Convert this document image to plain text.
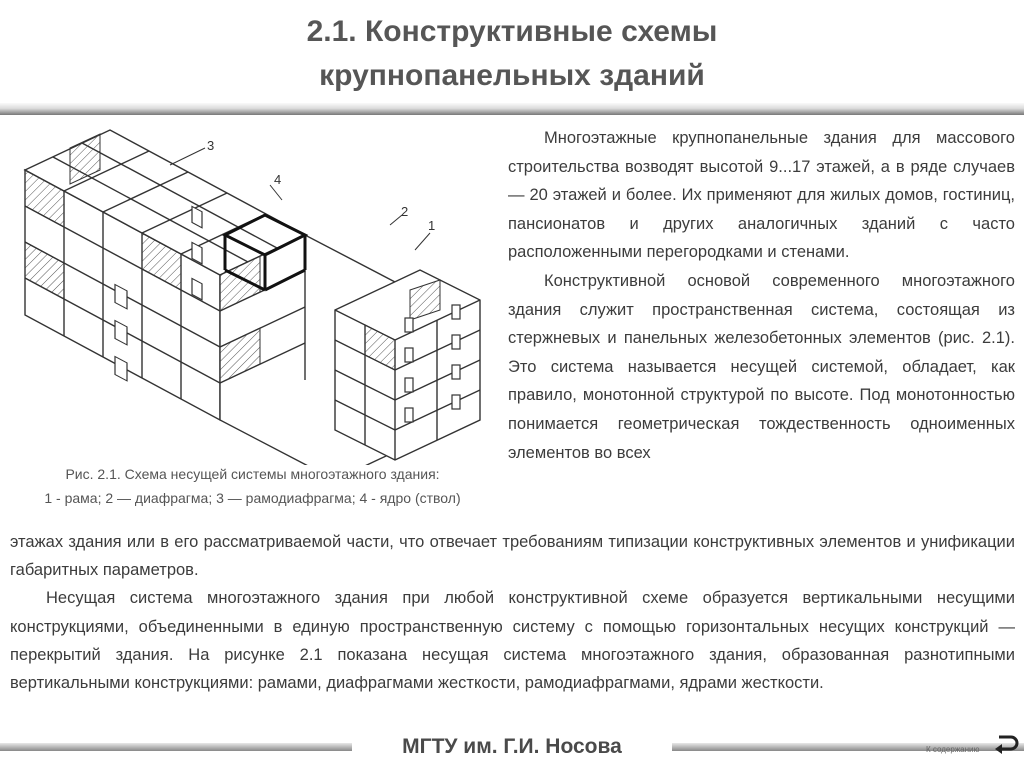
2.1. Конструктивные схемы
крупнопанельных зданий
3
4
2
1
Рис. 2.1. Схема несущей системы многоэтажного здания:
1 - рама; 2 — диафрагма; 3 — рамодиафрагма; 4 - ядро (ствол)

Многоэтажные крупнопанельные здания для массового строительства возводят высотой 9...17 этажей, а в ряде случаев — 20 этажей и более. Их применяют для жилых домов, гостиниц, пансионатов и других аналогичных зданий с часто расположенными перегородками и стенами.

Конструктивной основой современного многоэтажного здания служит пространственная система, состоящая из стержневых и панельных железобетонных элементов (рис. 2.1). Это система называется несущей системой, обладает, как правило, монотонной структурой по высоте. Под монотонностью понимается геометрическая тождественность одноименных элементов во всех

этажах здания или в его рассматриваемой части, что отвечает требованиям типизации конструктивных элементов и унификации габаритных параметров.

Несущая система многоэтажного здания при любой конструктивной схеме образуется вертикальными несущими конструкциями, объединенными в единую пространственную систему с помощью горизонтальных несущих конструкций — перекрытий здания. На рисунке 2.1 показана несущая система многоэтажного здания, образованная разнотипными вертикальными конструкциями: рамами, диафрагмами жесткости, рамодиафрагмами, ядрами жесткости.

МГТУ им. Г.И. Носова	К содержанию
